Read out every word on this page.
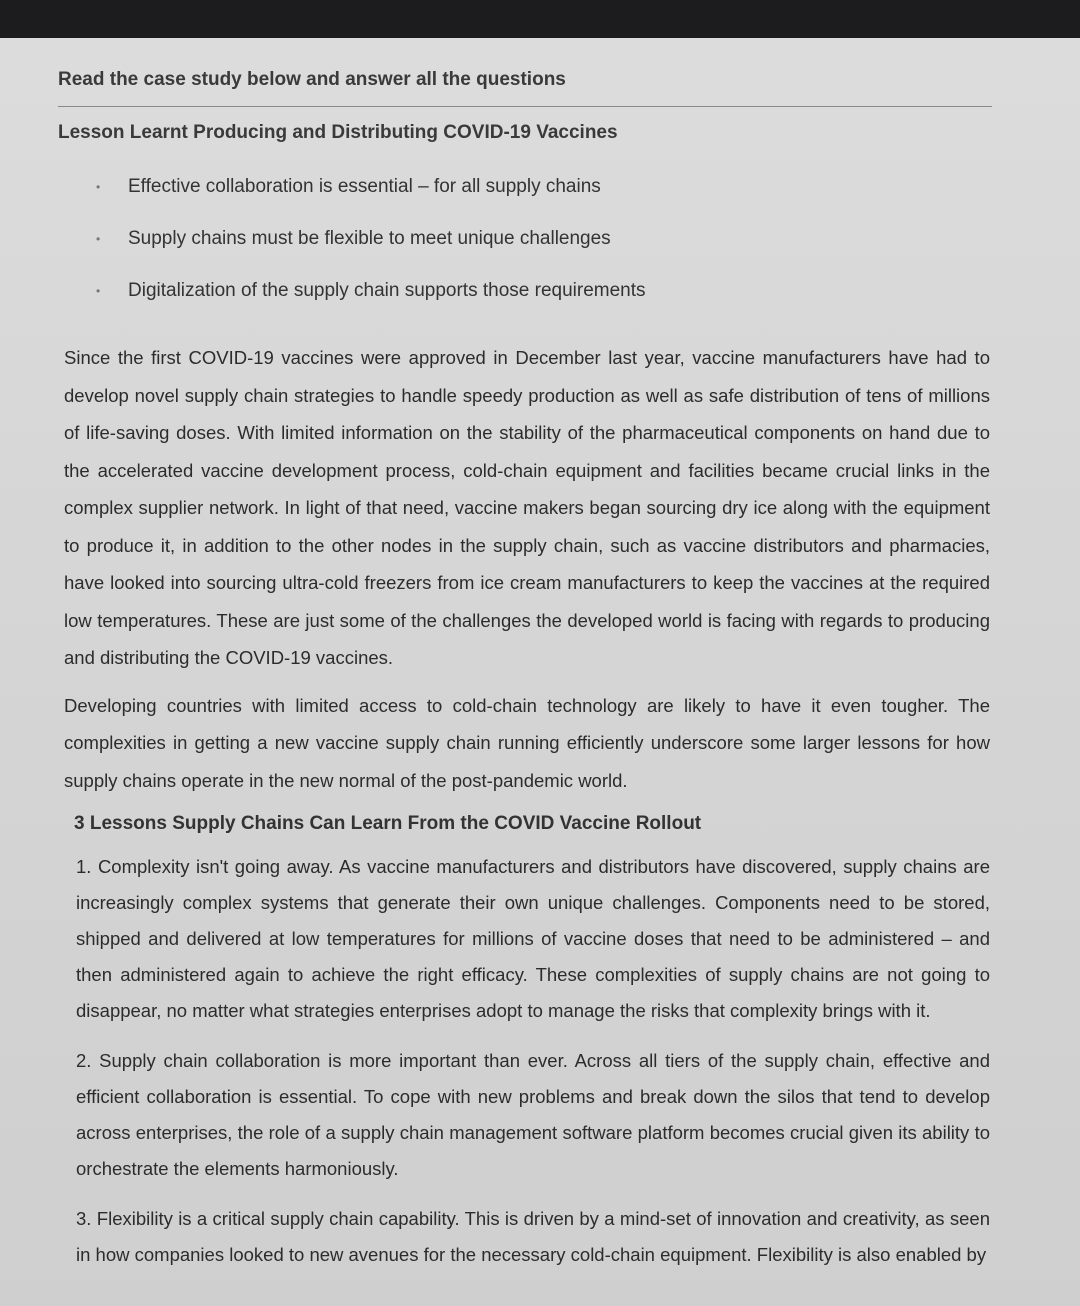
Read the case study below and answer all the questions

Lesson Learnt Producing and Distributing COVID-19 Vaccines

• Effective collaboration is essential – for all supply chains
• Supply chains must be flexible to meet unique challenges
• Digitalization of the supply chain supports those requirements

Since the first COVID-19 vaccines were approved in December last year, vaccine manufacturers have had to develop novel supply chain strategies to handle speedy production as well as safe distribution of tens of millions of life-saving doses. With limited information on the stability of the pharmaceutical components on hand due to the accelerated vaccine development process, cold-chain equipment and facilities became crucial links in the complex supplier network. In light of that need, vaccine makers began sourcing dry ice along with the equipment to produce it, in addition to the other nodes in the supply chain, such as vaccine distributors and pharmacies, have looked into sourcing ultra-cold freezers from ice cream manufacturers to keep the vaccines at the required low temperatures. These are just some of the challenges the developed world is facing with regards to producing and distributing the COVID-19 vaccines.

Developing countries with limited access to cold-chain technology are likely to have it even tougher. The complexities in getting a new vaccine supply chain running efficiently underscore some larger lessons for how supply chains operate in the new normal of the post-pandemic world.

3 Lessons Supply Chains Can Learn From the COVID Vaccine Rollout
1. Complexity isn't going away. As vaccine manufacturers and distributors have discovered, supply chains are increasingly complex systems that generate their own unique challenges. Components need to be stored, shipped and delivered at low temperatures for millions of vaccine doses that need to be administered – and then administered again to achieve the right efficacy. These complexities of supply chains are not going to disappear, no matter what strategies enterprises adopt to manage the risks that complexity brings with it.
2. Supply chain collaboration is more important than ever. Across all tiers of the supply chain, effective and efficient collaboration is essential. To cope with new problems and break down the silos that tend to develop across enterprises, the role of a supply chain management software platform becomes crucial given its ability to orchestrate the elements harmoniously.
3. Flexibility is a critical supply chain capability. This is driven by a mind-set of innovation and creativity, as seen in how companies looked to new avenues for the necessary cold-chain equipment. Flexibility is also enabled by
